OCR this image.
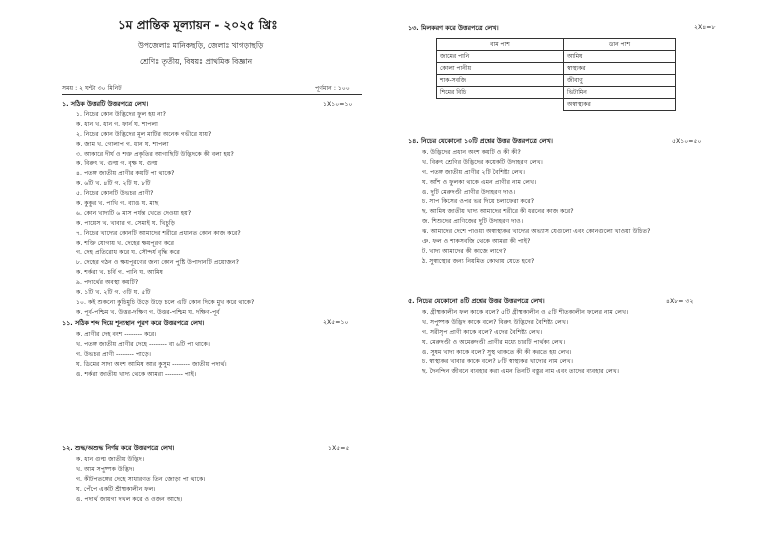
১ম প্রান্তিক মূল্যায়ন - ২০২৫ খ্রিঃ
উপজেলাঃ মানিকছড়ি, জেলাঃ খাগড়াছড়ি
শ্রেণিঃ তৃতীয়, বিষয়ঃ প্রাথমিক বিজ্ঞান
সময় : ২ ঘন্টা ৩০ মিনিট	পূর্ণমান : ১০০
১. সঠিক উত্তরটি উত্তরপত্রে লেখ।	১X১০=১০
১. নিচের কোন উদ্ভিদের ফুল হয় না?
ক. ধান খ. ধান গ. ফার্ন ঘ. শাপলা
২. নিচের কোন উদ্ভিদের মূল মাটির অনেক গভীরে যায়?
ক. জাম খ. গোলাপ গ. ধান ঘ. শাপলা
৩. আকারে দীর্ঘ ও শক্ত প্রকৃতির আগাছিটি উদ্ভিদকে কী বলা হয়?
ক. বিরুৎ খ. গুল্ম গ. বৃক্ষ ঘ. গুল্ম
৪. পতঙ্গ জাতীয় প্রাণীর কয়টি পা থাকে?
ক. ৬টি খ. ৪টি গ. ২টি ঘ. ৮টি
৫. নিচের কোনটি উভচর প্রাণী?
ক. কুকুর খ. পাখি গ. ব্যাঙ ঘ. মাছ
৬. কোন খাদ্যটি ৬ মাস পর্যন্ত খেতে দেওয়া হয়?
ক. পায়েস খ. খাবার গ. সেমাই ঘ. খিচুড়ি
৭. নিচের খাদ্যের কোনটি আমাদের শরীরে প্রধানত কোন কাজ করে?
ক. শক্তি যোগায় খ. দেহের ক্ষয়পূরণ করে
গ. দেহ প্রতিরোধ করে ঘ. সৌন্দর্য বৃদ্ধি করে
৮. দেহের গঠন ও ক্ষয়পূরণের জন্য কোন পুষ্টি উপাদানটি প্রয়োজন?
ক. শর্করা খ. চর্বি গ. পানি ঘ. আমিষ
৯. পদার্থের অবস্থা কয়টি?
ক. ১টি খ. ২টি গ. ৩টি ঘ. ৫টি
১০. কই শুকনো কুচিমুচি উড়ে উড়ে চলে এটি কোন দিকে মুখ করে থাকে?
ক. পূর্ব-পশ্চিম খ. উত্তর-দক্ষিণ গ. উত্তর-পশ্চিম ঘ. দক্ষিণ-পূর্ব
১১. সঠিক শব্দ দিয়ে শূন্যস্থান পূরণ করে উত্তরপত্রে লেখ।	২X৫=১০
ক. প্রাণীর দেহ বংশ -------- করে।
খ. পতঙ্গ জাতীয় প্রাণীর দেহে -------- বা ৬টি পা থাকে।
গ. উভচর প্রাণী -------- পাড়ে।
ঘ. ডিমের সাদা অংশ আমিষ আর কুসুম -------- জাতীয় পদার্থ।
ঙ. শর্করা জাতীয় খাদ্য থেকে আমরা -------- পাই।
১২. শুদ্ধ/অশুদ্ধ নির্ণয় করে উত্তরপত্রে লেখ।	১X৫=৫
ক. ধান গুল্ম জাতীয় উদ্ভিদ।
খ. আম সপুষ্পক উদ্ভিদ।
গ. কীটপতঙ্গের দেহে সাধারণত তিন জোড়া পা থাকে।
ঘ. পেঁপে একটি শ্রীষ্মকালীন ফল।
ঙ. পদার্থ জায়গা দখল করে ও ওজন আছে।
১৩. মিলকরণ করে উত্তরপত্রে লেখ।	২X৪=৮
বাম পাশ	ডান পাশ
জামের পানি	আমিষ
কোলা পানীয়	স্বাস্থ্যকর
শাক-সবজি	জীবাণু
শিমের বিচি	ভিটামিন
	অস্বাস্থ্যকর
১৪. নিচের যেকোনো ১০টি প্রশ্নের উত্তর উত্তরপত্রে লেখ।	৫X১০=৫০
ক. উদ্ভিদের প্রধান অংশ কয়টি ও কী কী?
খ. বিরুৎ শ্রেণির উদ্ভিদের কয়েকটি উদাহরণ লেখ।
গ. পতঙ্গ জাতীয় প্রাণীর ২টি বৈশিষ্ট্য লেখ।
ঘ. আঁশ ও ফুলকা থাকে এমন প্রাণীর নাম লেখ।
ঙ. দুটি মেরুদণ্ডী প্রাণীর উদাহরণ দাও।
চ. সাপ কিসের ওপর ভর দিয়ে চলাফেরা করে?
ছ. আমিষ জাতীয় খাদ্য আমাদের শরীরে কী ধরনের কাজ করে?
জ. শিশুদের প্রাণিজের দুটি উদাহরণ দাও।
ঝ. আমাদের দেশে পাওয়া অস্বাস্থ্যকর খাদ্যের অভ্যাস যেগুলো এবং কোনগুলো খাওয়া উচিত?
ঞ. ফল ও শাকসবজি থেকে আমরা কী পাই?
ট. খাদ্য আমাদের কী কাজে লাগে?
ঠ. সুস্বাস্থ্যের জন্য নিয়মিত কোথায় যেতে হবে?
৫. নিচের যেকোনো ৪টি প্রশ্নের উত্তর উত্তরপত্রে লেখ।	৪X৮= ৩২
ক. গ্রীষ্মকালীন ফল কাকে বলে? ৫টি গ্রীষ্মকালীন ও ৫টি শীতকালীন ফলের নাম লেখ।
খ. সপুষ্পক উদ্ভিদ কাকে বলে? বিরুৎ উদ্ভিদের বৈশিষ্ট্য লেখ।
গ. সরীসৃপ প্রাণী কাকে বলে? এদের বৈশিষ্ট্য লেখ।
ঘ. মেরুদণ্ডী ও অমেরুদণ্ডী প্রাণীর মধ্যে চারটি পার্থক্য লেখ।
ঙ. সুষম খাদ্য কাকে বলে? সুস্থ থাকতে কী কী করতে হয় লেখ।
চ. স্বাস্থ্যকর খাবার কাকে বলে? ৮টি স্বাস্থ্যকর খাদ্যের নাম লেখ।
ছ. দৈনন্দিন জীবনে ব্যবহার করা এমন তিনটি বস্তুর নাম এবং তাদের ব্যবহার লেখ।
